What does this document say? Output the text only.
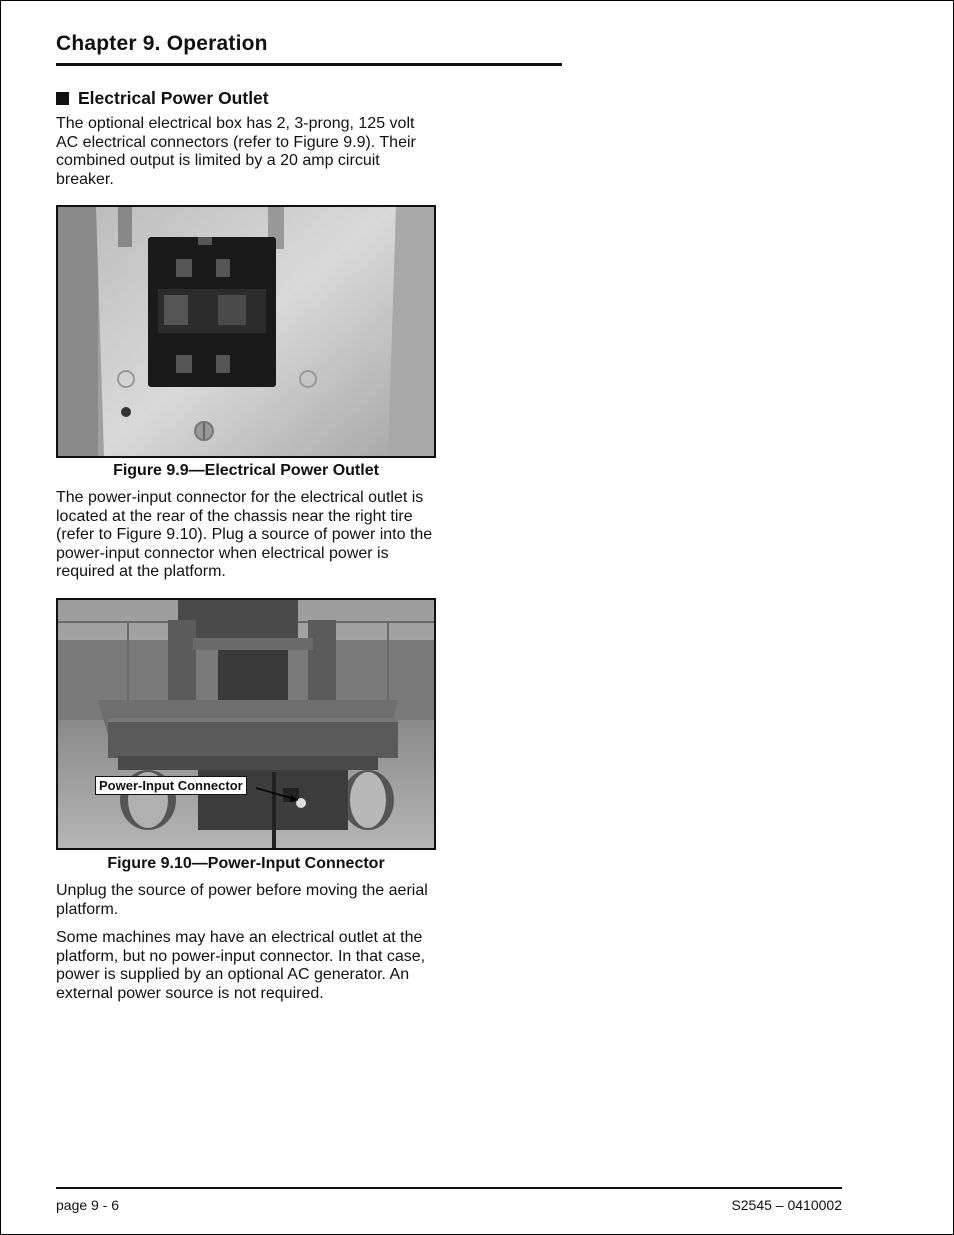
Chapter 9. Operation
Electrical Power Outlet
The optional electrical box has 2, 3-prong, 125 volt AC electrical connectors (refer to Figure 9.9). Their combined output is limited by a 20 amp circuit breaker.
Figure 9.9—Electrical Power Outlet
The power-input connector for the electrical outlet is located at the rear of the chassis near the right tire (refer to Figure 9.10). Plug a source of power into the power-input connector when electrical power is required at the platform.
Power-Input Connector
Figure 9.10—Power-Input Connector
Unplug the source of power before moving the aerial platform.
Some machines may have an electrical outlet at the platform, but no power-input connector. In that case, power is supplied by an optional AC generator. An external power source is not required.
page 9 - 6	S2545 – 0410002
